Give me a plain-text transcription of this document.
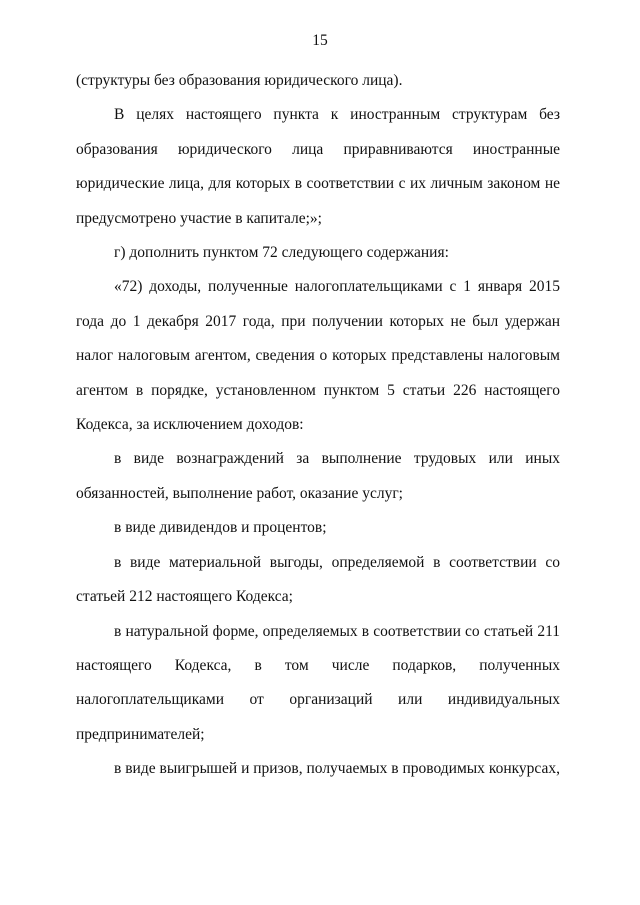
15

(структуры без образования юридического лица).

В целях настоящего пункта к иностранным структурам без образования юридического лица приравниваются иностранные юридические лица, для которых в соответствии с их личным законом не предусмотрено участие в капитале;»;

г) дополнить пунктом 72 следующего содержания:

«72) доходы, полученные налогоплательщиками с 1 января 2015 года до 1 декабря 2017 года, при получении которых не был удержан налог налоговым агентом, сведения о которых представлены налоговым агентом в порядке, установленном пунктом 5 статьи 226 настоящего Кодекса, за исключением доходов:

в виде вознаграждений за выполнение трудовых или иных обязанностей, выполнение работ, оказание услуг;

в виде дивидендов и процентов;

в виде материальной выгоды, определяемой в соответствии со статьей 212 настоящего Кодекса;

в натуральной форме, определяемых в соответствии со статьей 211 настоящего Кодекса, в том числе подарков, полученных налогоплательщиками от организаций или индивидуальных предпринимателей;

в виде выигрышей и призов, получаемых в проводимых конкурсах,
